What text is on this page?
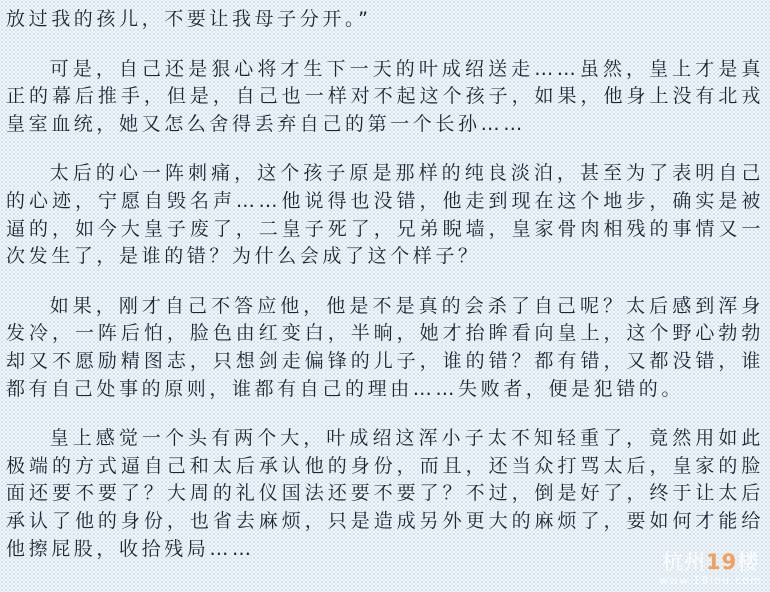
放过我的孩儿，不要让我母子分开。”

可是，自己还是狠心将才生下一天的叶成绍送走……虽然，皇上才是真正的幕后推手，但是，自己也一样对不起这个孩子，如果，他身上没有北戎皇室血统，她又怎么舍得丢弃自己的第一个长孙……

太后的心一阵刺痛，这个孩子原是那样的纯良淡泊，甚至为了表明自己的心迹，宁愿自毁名声……他说得也没错，他走到现在这个地步，确实是被逼的，如今大皇子废了，二皇子死了，兄弟睨墙，皇家骨肉相残的事情又一次发生了，是谁的错？为什么会成了这个样子？

如果，刚才自己不答应他，他是不是真的会杀了自己呢？太后感到浑身发冷，一阵后怕，脸色由红变白，半晌，她才抬眸看向皇上，这个野心勃勃却又不愿励精图志，只想剑走偏锋的儿子，谁的错？都有错，又都没错，谁都有自己处事的原则，谁都有自己的理由……失败者，便是犯错的。

皇上感觉一个头有两个大，叶成绍这浑小子太不知轻重了，竟然用如此极端的方式逼自己和太后承认他的身份，而且，还当众打骂太后，皇家的脸面还要不要了？大周的礼仪国法还要不要了？不过，倒是好了，终于让太后承认了他的身份，也省去麻烦，只是造成另外更大的麻烦了，要如何才能给他擦屁股，收拾残局……

杭州19楼
www.19lou.com
